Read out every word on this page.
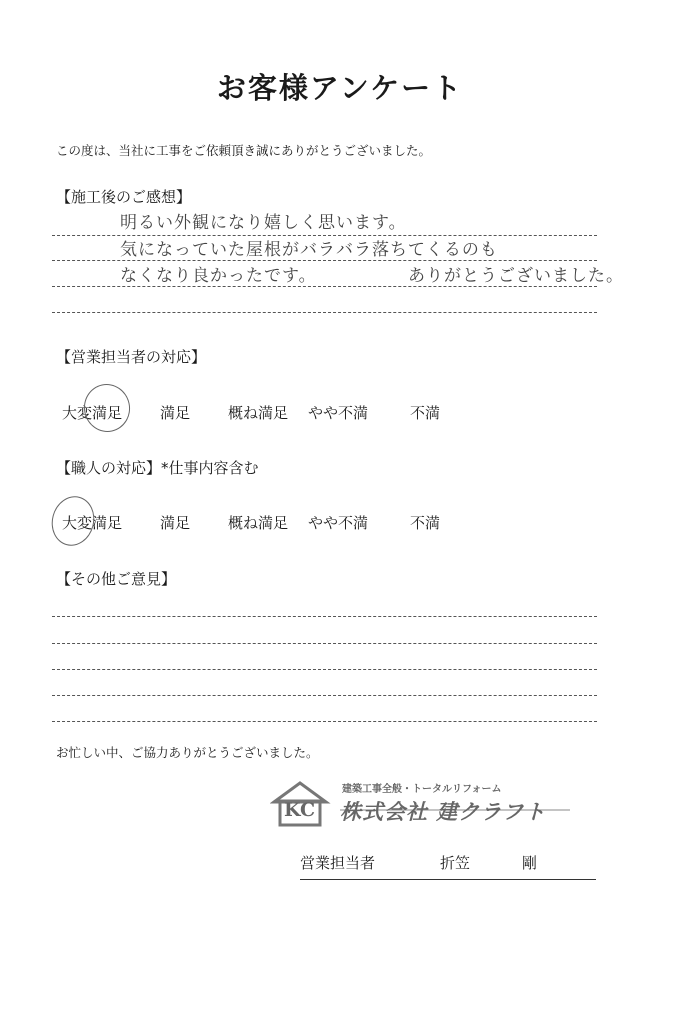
お客様アンケート
この度は、当社に工事をご依頼頂き誠にありがとうございました。
【施工後のご感想】
明るい外観になり嬉しく思います。
気になっていた屋根がバラバラ落ちてくるのも
なくなり良かったです。	ありがとうございました。
【営業担当者の対応】
大変満足	満足	概ね満足 やや不満	不満
【職人の対応】*仕事内容含む
大変満足	満足	概ね満足 やや不満	不満
【その他ご意見】
お忙しい中、ご協力ありがとうございました。
KC
建築工事全般・トータルリフォーム
株式会社 建クラフト
営業担当者	折笠	剛
